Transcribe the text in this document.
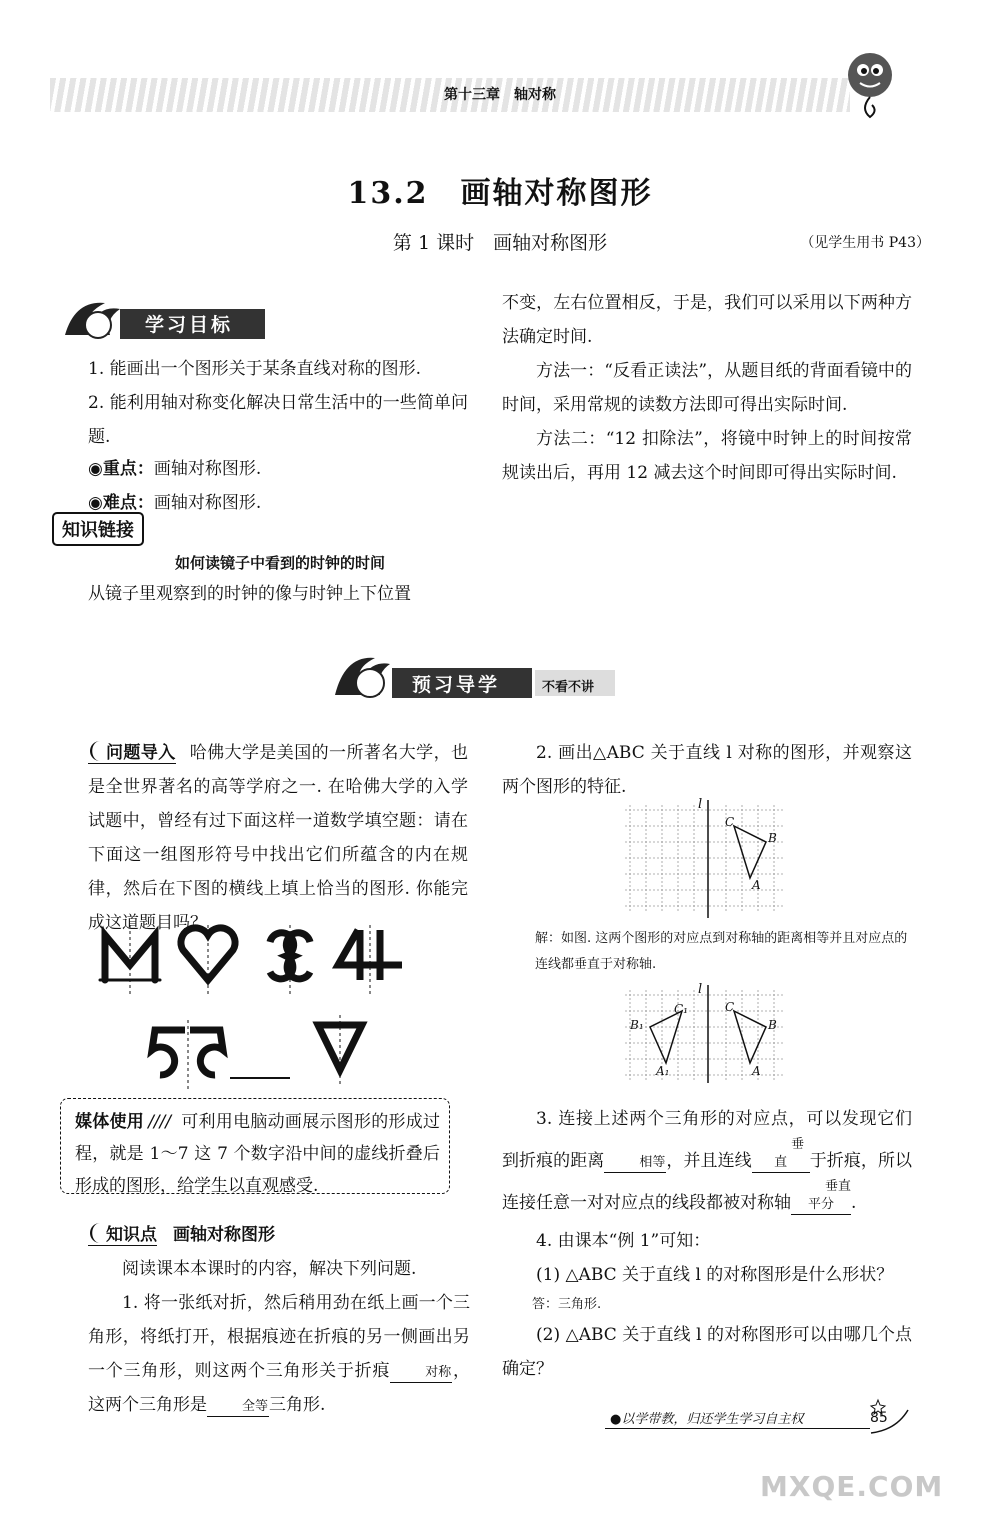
第十三章　轴对称
13.2　画轴对称图形
第 1 课时　画轴对称图形	（见学生用书 P43）
学习目标

1. 能画出一个图形关于某条直线对称的图形.

2. 能利用轴对称变化解决日常生活中的一些简单问题.

◉重点：画轴对称图形.
◉难点：画轴对称图形.
知识链接
如何读镜子中看到的时钟的时间

从镜子里观察到的时钟的像与时钟上下位置

不变，左右位置相反，于是，我们可以采用以下两种方法确定时间.

方法一：“反看正读法”，从题目纸的背面看镜中的时间，采用常规的读数方法即可得出实际时间.

方法二：“12 扣除法”，将镜中时钟上的时间按常规读出后，再用 12 减去这个时间即可得出实际时间.

预习导学	不看不讲
问题导入 哈佛大学是美国的一所著名大学，也是全世界著名的高等学府之一. 在哈佛大学的入学试题中，曾经有过下面这样一道数学填空题：请在下面这一组图形符号中找出它们所蕴含的内在规律，然后在下图的横线上填上恰当的图形. 你能完成这道题目吗？
媒体使用 //// 可利用电脑动画展示图形的形成过程，就是 1～7 这 7 个数字沿中间的虚线折叠后形成的图形，给学生以直观感受.
知识点 画轴对称图形

阅读课本本课时的内容，解决下列问题.

1. 将一张纸对折，然后稍用劲在纸上画一个三角形，将纸打开，根据痕迹在折痕的另一侧画出另一个三角形，则这两个三角形关于折痕	对称，这两个三角形是	全等三角形.

2. 画出△ABC 关于直线 l 对称的图形，并观察这两个图形的特征.

l
C
B
A

解：如图. 这两个图形的对应点到对称轴的距离相等并且对应点的连线都垂直于对称轴.

l
C₁
B₁
A₁
C
B
A

3. 连接上述两个三角形的对应点，可以发现它们到折痕的距离	相等，并且连线垂直 于折痕，所以连接任意一对对应点的线段都被对称轴垂直平分 .

4. 由课本“例 1”可知：

(1) △ABC 关于直线 l 的对称图形是什么形状？

答：三角形.

(2) △ABC 关于直线 l 的对称图形可以由哪几个点确定？

●以学带教，归还学生学习自主权	85
MXQE.COM
